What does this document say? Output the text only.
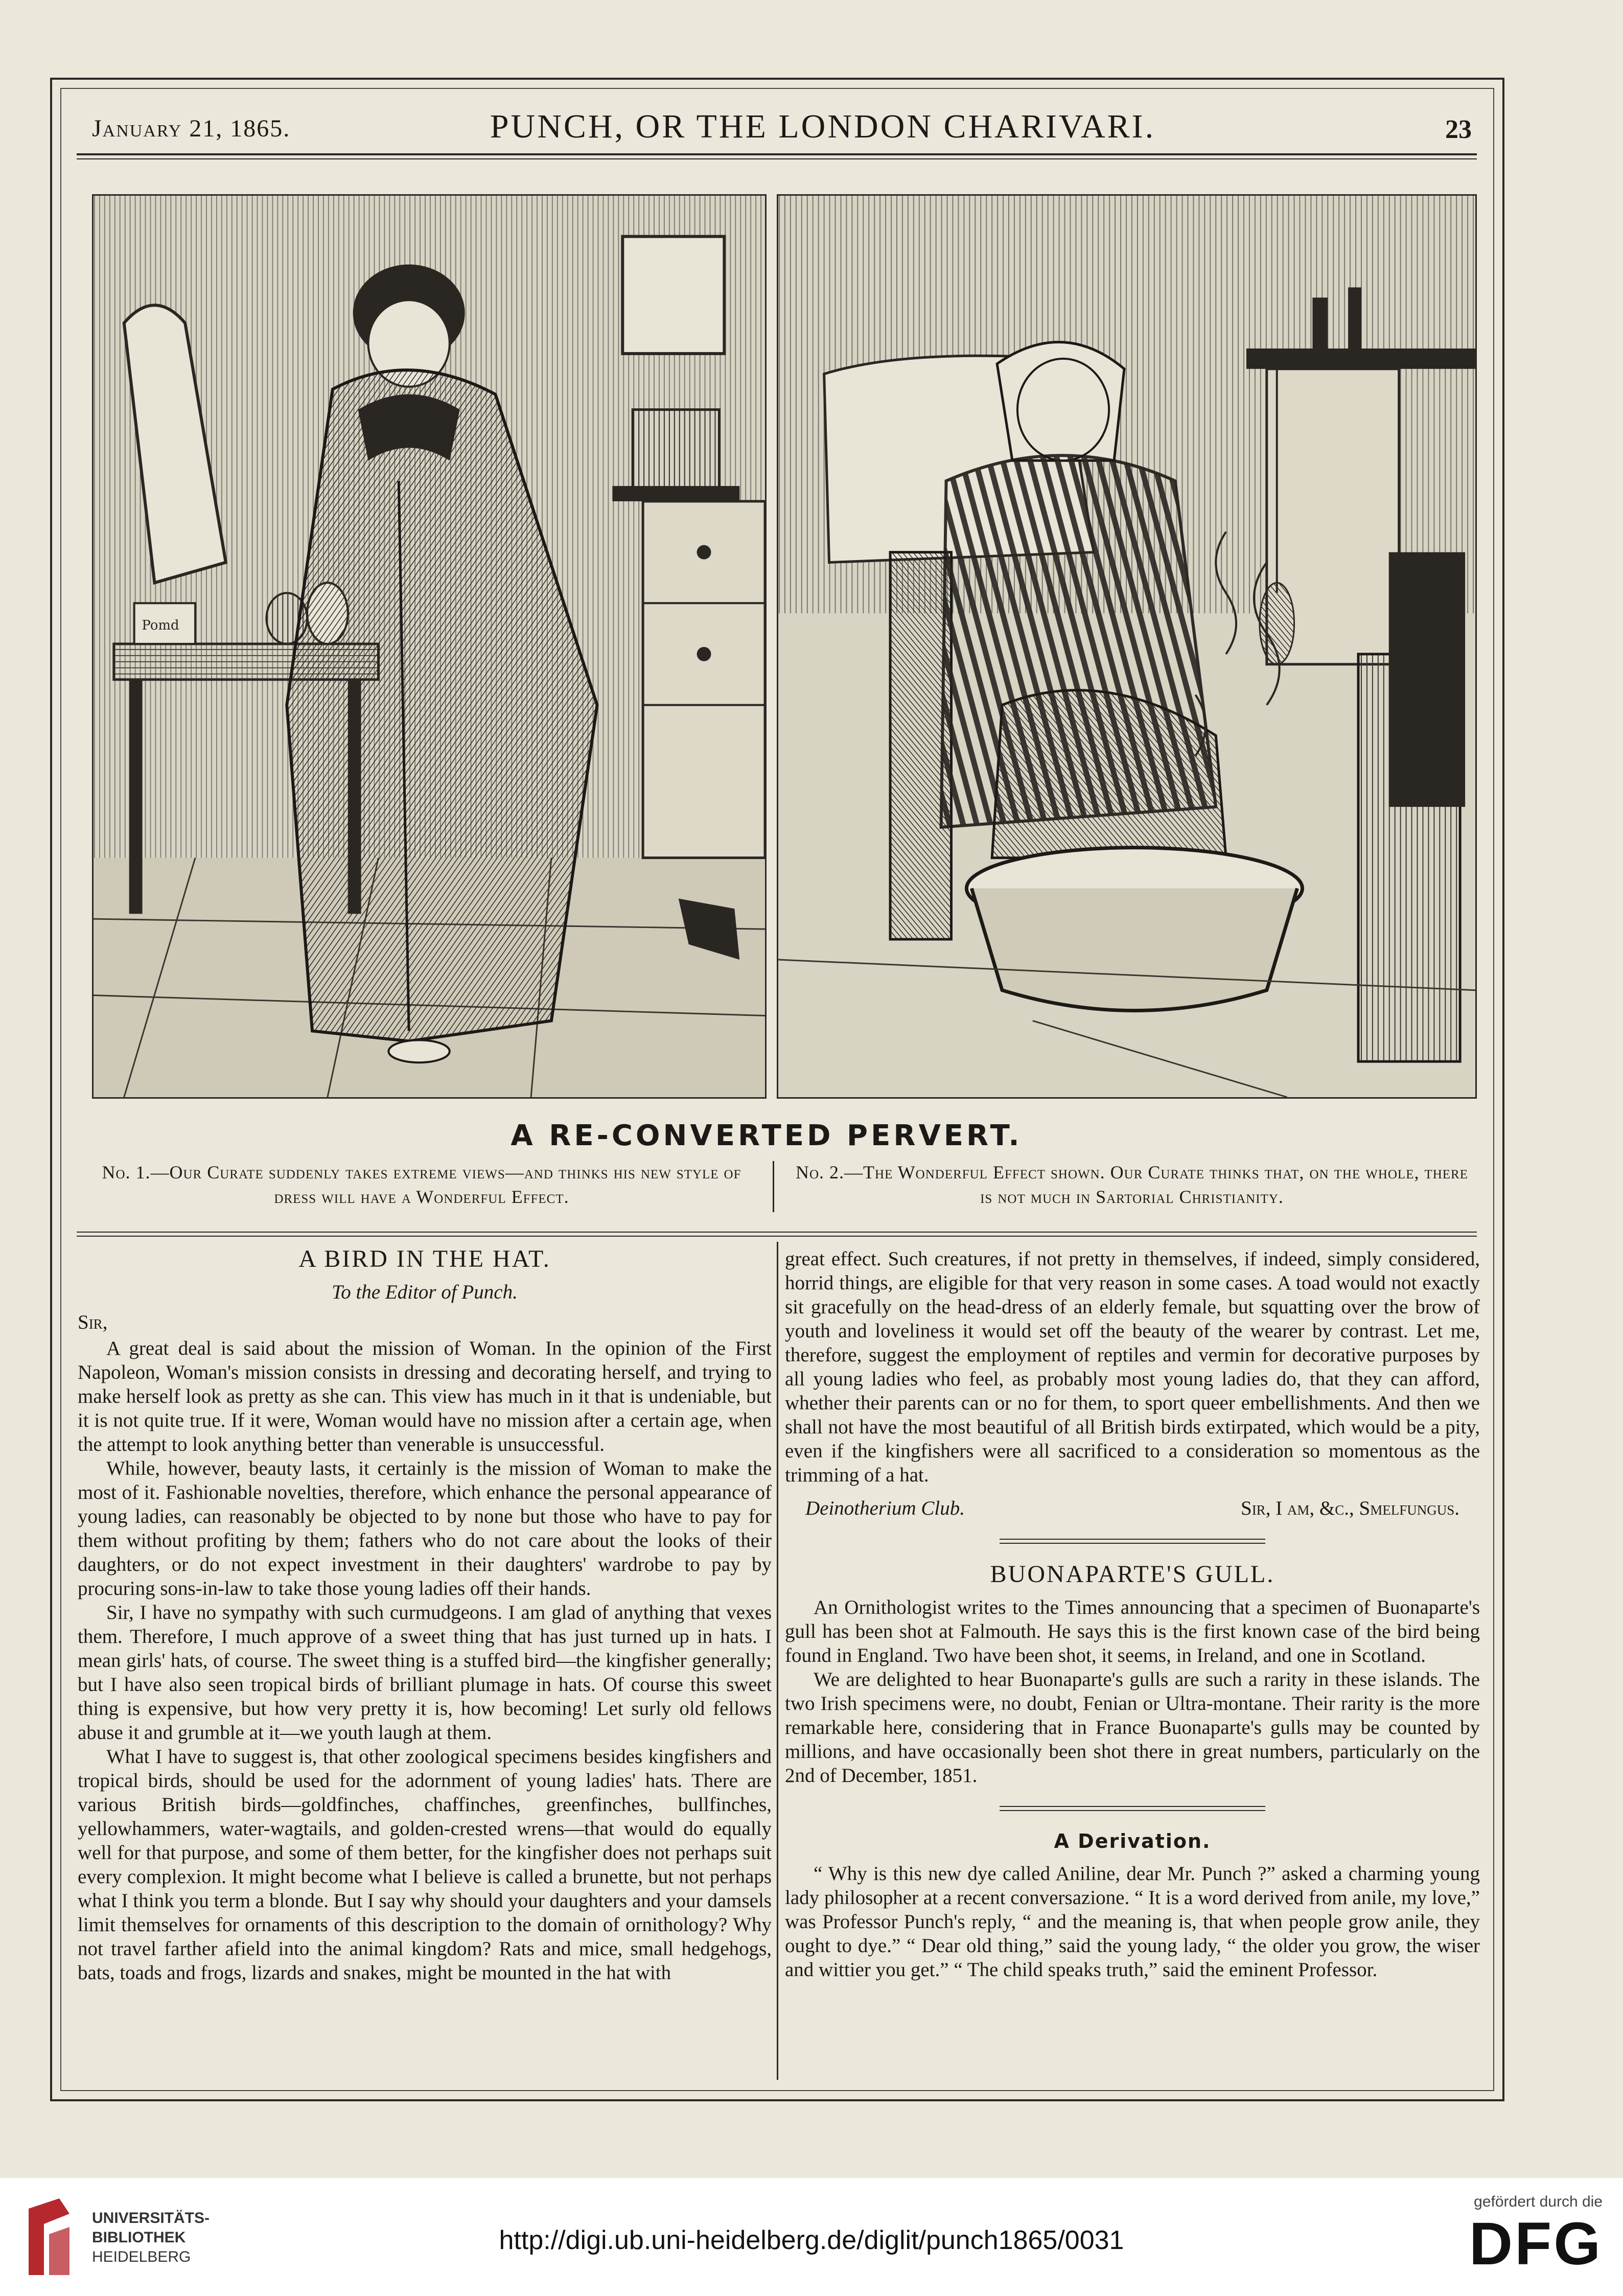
January 21, 1865.	PUNCH, OR THE LONDON CHARIVARI.	23
Pomd
A RE-CONVERTED PERVERT.
No. 1.—Our Curate suddenly takes extreme views—and thinks his new style of dress will have a Wonderful Effect.
No. 2.—The Wonderful Effect shown. Our Curate thinks that, on the whole, there is not much in Sartorial Christianity.
A BIRD IN THE HAT.

To the Editor of Punch.

Sir,

A great deal is said about the mission of Woman. In the opinion of the First Napoleon, Woman's mission consists in dressing and decorating herself, and trying to make herself look as pretty as she can. This view has much in it that is undeniable, but it is not quite true. If it were, Woman would have no mission after a certain age, when the attempt to look anything better than venerable is unsuccessful.

While, however, beauty lasts, it certainly is the mission of Woman to make the most of it. Fashionable novelties, therefore, which enhance the personal appearance of young ladies, can reasonably be objected to by none but those who have to pay for them without profiting by them; fathers who do not care about the looks of their daughters, or do not expect investment in their daughters' wardrobe to pay by procuring sons-in-law to take those young ladies off their hands.

Sir, I have no sympathy with such curmudgeons. I am glad of anything that vexes them. Therefore, I much approve of a sweet thing that has just turned up in hats. I mean girls' hats, of course. The sweet thing is a stuffed bird—the kingfisher generally; but I have also seen tropical birds of brilliant plumage in hats. Of course this sweet thing is expensive, but how very pretty it is, how becoming! Let surly old fellows abuse it and grumble at it—we youth laugh at them.

What I have to suggest is, that other zoological specimens besides kingfishers and tropical birds, should be used for the adornment of young ladies' hats. There are various British birds—goldfinches, chaffinches, greenfinches, bullfinches, yellowhammers, water-wagtails, and golden-crested wrens—that would do equally well for that purpose, and some of them better, for the kingfisher does not perhaps suit every complexion. It might become what I believe is called a brunette, but not perhaps what I think you term a blonde. But I say why should your daughters and your damsels limit themselves for ornaments of this description to the domain of ornithology? Why not travel farther afield into the animal kingdom? Rats and mice, small hedgehogs, bats, toads and frogs, lizards and snakes, might be mounted in the hat with

great effect. Such creatures, if not pretty in themselves, if indeed, simply considered, horrid things, are eligible for that very reason in some cases. A toad would not exactly sit gracefully on the head-dress of an elderly female, but squatting over the brow of youth and loveliness it would set off the beauty of the wearer by contrast. Let me, therefore, suggest the employment of reptiles and vermin for decorative purposes by all young ladies who feel, as probably most young ladies do, that they can afford, whether their parents can or no for them, to sport queer embellishments. And then we shall not have the most beautiful of all British birds extirpated, which would be a pity, even if the kingfishers were all sacrificed to a consideration so momentous as the trimming of a hat.

Deinotherium Club.	Sir, I am, &c., Smelfungus.
BUONAPARTE'S GULL.

An Ornithologist writes to the Times announcing that a specimen of Buonaparte's gull has been shot at Falmouth. He says this is the first known case of the bird being found in England. Two have been shot, it seems, in Ireland, and one in Scotland.

We are delighted to hear Buonaparte's gulls are such a rarity in these islands. The two Irish specimens were, no doubt, Fenian or Ultra-montane. Their rarity is the more remarkable here, considering that in France Buonaparte's gulls may be counted by millions, and have occasionally been shot there in great numbers, particularly on the 2nd of December, 1851.

A Derivation.

“ Why is this new dye called Aniline, dear Mr. Punch ?” asked a charming young lady philosopher at a recent conversazione. “ It is a word derived from anile, my love,” was Professor Punch's reply, “ and the meaning is, that when people grow anile, they ought to dye.” “ Dear old thing,” said the young lady, “ the older you grow, the wiser and wittier you get.” “ The child speaks truth,” said the eminent Professor.

UNIVERSITÄTS-
BIBLIOTHEK
HEIDELBERG
http://digi.ub.uni-heidelberg.de/diglit/punch1865/0031
gefördert durch die
DFG
